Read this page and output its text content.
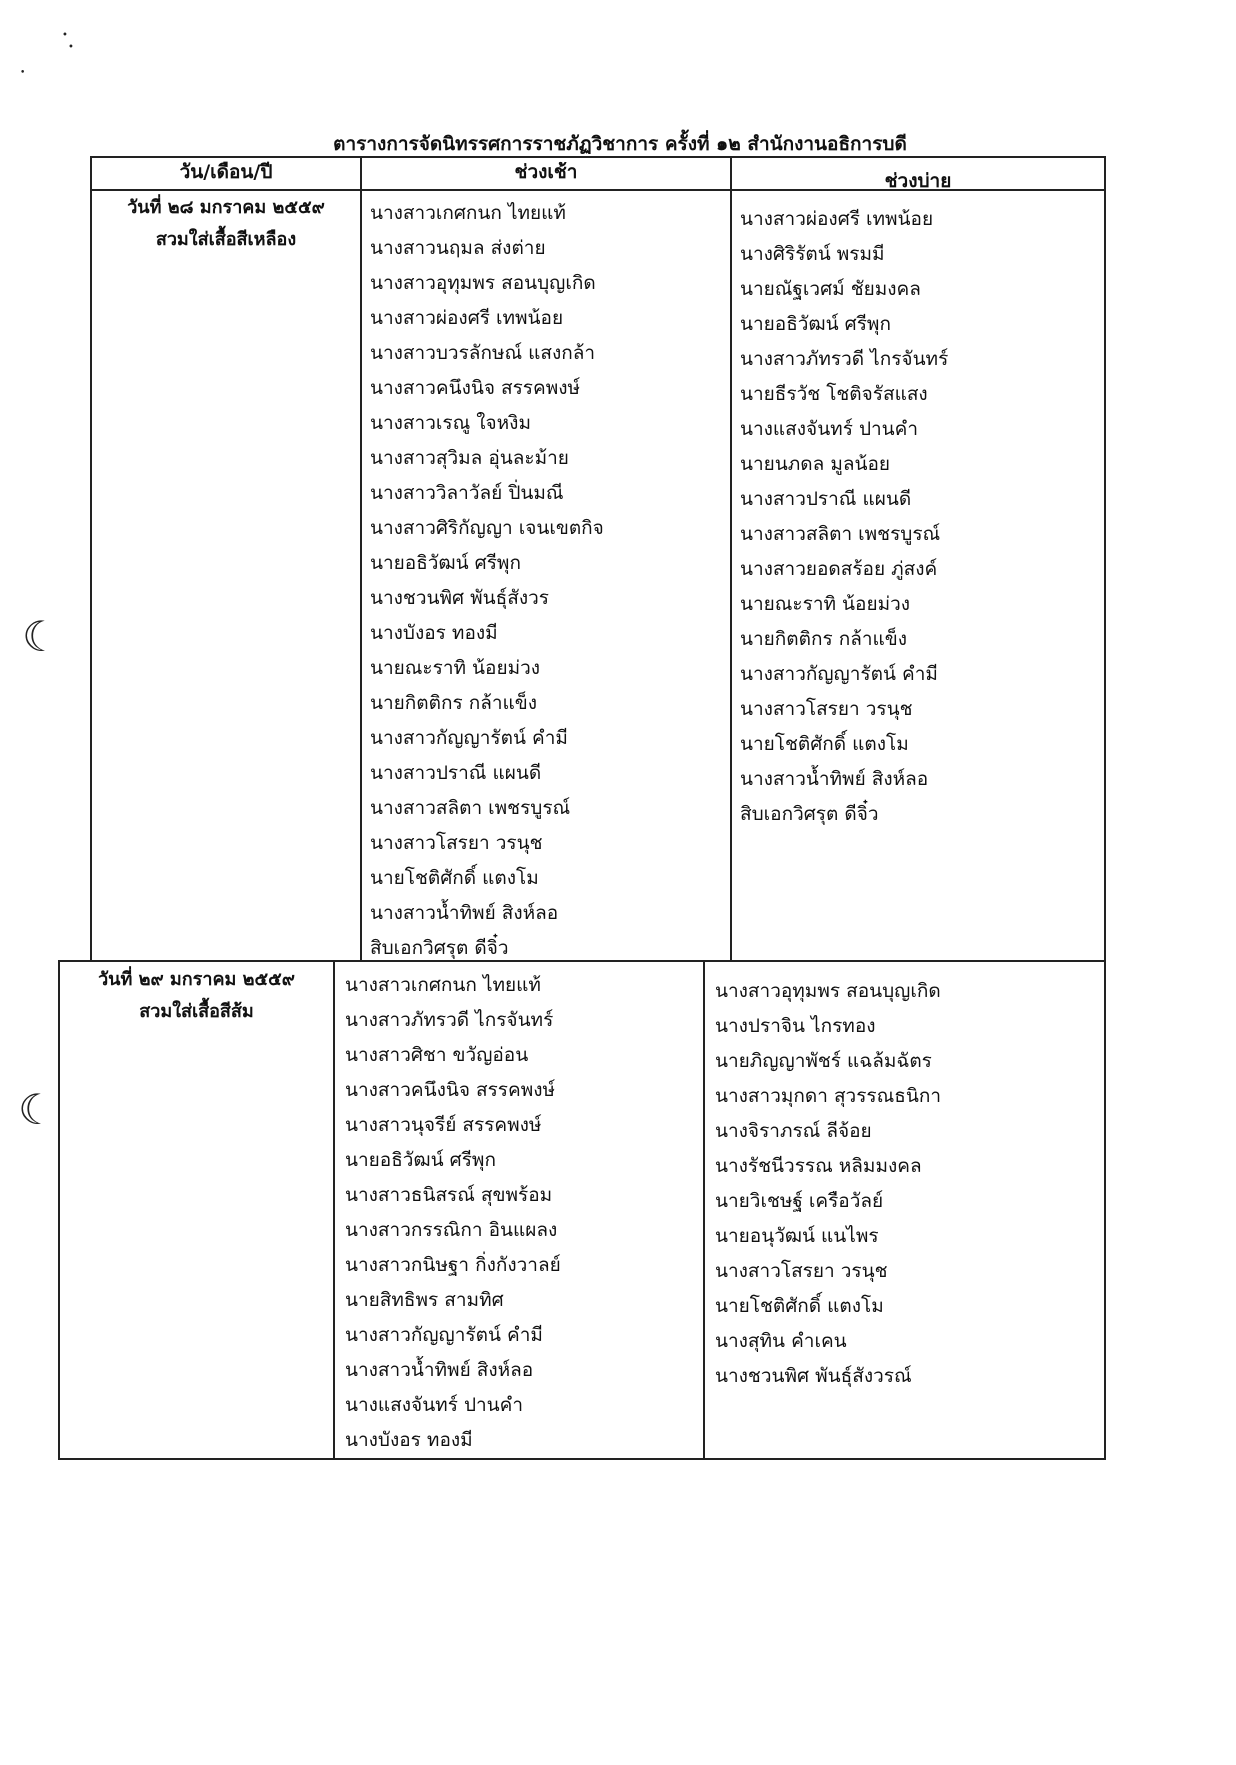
ตารางการจัดนิทรรศการราชภัฏวิชาการ ครั้งที่ ๑๒ สำนักงานอธิการบดี
วัน/เดือน/ปี	ช่วงเช้า	ช่วงบ่าย
วันที่ ๒๘ มกราคม ๒๕๕๙
สวมใส่เสื้อสีเหลือง
นางสาวเกศกนก ไทยแท้
นางสาวนฤมล ส่งต่าย
นางสาวอุทุมพร สอนบุญเกิด
นางสาวผ่องศรี เทพน้อย
นางสาวบวรลักษณ์ แสงกล้า
นางสาวคนึงนิจ สรรคพงษ์
นางสาวเรณู ใจหงิม
นางสาวสุวิมล อุ่นละม้าย
นางสาววิลาวัลย์ ปิ่นมณี
นางสาวศิริกัญญา เจนเขตกิจ
นายอธิวัฒน์ ศรีพุก
นางชวนพิศ พันธุ์สังวร
นางบังอร ทองมี
นายณะราทิ น้อยม่วง
นายกิตติกร กล้าแข็ง
นางสาวกัญญารัตน์ คำมี
นางสาวปราณี แผนดี
นางสาวสลิตา เพชรบูรณ์
นางสาวโสรยา วรนุช
นายโชติศักดิ์ แตงโม
นางสาวน้ำทิพย์ สิงห์ลอ
สิบเอกวิศรุต ดีจิ๋ว
นางสาวผ่องศรี เทพน้อย
นางศิริรัตน์ พรมมี
นายณัฐเวศม์ ชัยมงคล
นายอธิวัฒน์ ศรีพุก
นางสาวภัทรวดี ไกรจันทร์
นายธีรวัช โชติจรัสแสง
นางแสงจันทร์ ปานคำ
นายนภดล มูลน้อย
นางสาวปราณี แผนดี
นางสาวสลิตา เพชรบูรณ์
นางสาวยอดสร้อย ภู่สงค์
นายณะราทิ น้อยม่วง
นายกิตติกร กล้าแข็ง
นางสาวกัญญารัตน์ คำมี
นางสาวโสรยา วรนุช
นายโชติศักดิ์ แตงโม
นางสาวน้ำทิพย์ สิงห์ลอ
สิบเอกวิศรุต ดีจิ๋ว
วันที่ ๒๙ มกราคม ๒๕๕๙
สวมใส่เสื้อสีส้ม
นางสาวเกศกนก ไทยแท้
นางสาวภัทรวดี ไกรจันทร์
นางสาวศิชา ขวัญอ่อน
นางสาวคนึงนิจ สรรคพงษ์
นางสาวนุจรีย์ สรรคพงษ์
นายอธิวัฒน์ ศรีพุก
นางสาวธนิสรณ์ สุขพร้อม
นางสาวกรรณิกา อินแผลง
นางสาวกนิษฐา กิ่งกังวาลย์
นายสิทธิพร สามทิศ
นางสาวกัญญารัตน์ คำมี
นางสาวน้ำทิพย์ สิงห์ลอ
นางแสงจันทร์ ปานคำ
นางบังอร ทองมี
นางสาวอุทุมพร สอนบุญเกิด
นางปราจิน ไกรทอง
นายภิญญาพัชร์ แฉล้มฉัตร
นางสาวมุกดา สุวรรณธนิกา
นางจิราภรณ์ ลีจ้อย
นางรัชนีวรรณ หลิมมงคล
นายวิเชษฐ์ เครือวัลย์
นายอนุวัฒน์ แนไพร
นางสาวโสรยา วรนุช
นายโชติศักดิ์ แตงโม
นางสุทิน คำเคน
นางชวนพิศ พันธุ์สังวรณ์
☾
☾
•
•
•
